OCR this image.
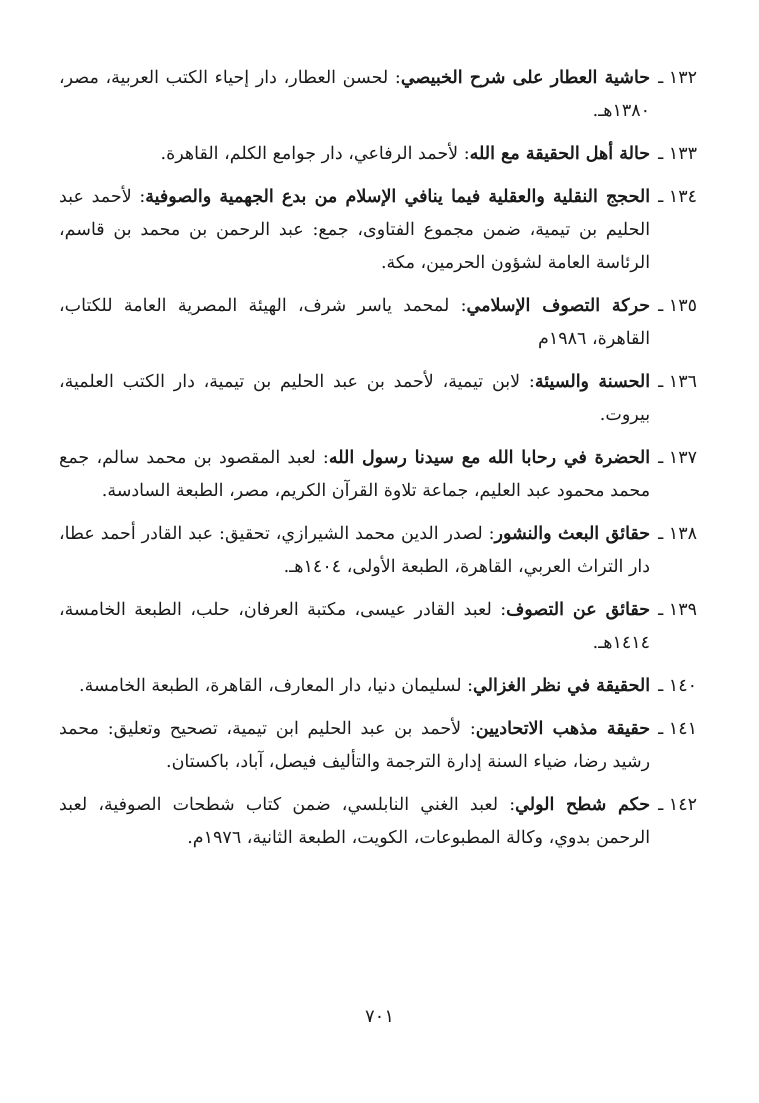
١٣٢ ـ
حاشية العطار على شرح الخبيصي: لحسن العطار، دار إحياء الكتب العربية، مصر، ١٣٨٠هـ.
١٣٣ ـ
حالة أهل الحقيقة مع الله: لأحمد الرفاعي، دار جوامع الكلم، القاهرة.
١٣٤ ـ
الحجج النقلية والعقلية فيما ينافي الإسلام من بدع الجهمية والصوفية: لأحمد عبد الحليم بن تيمية، ضمن مجموع الفتاوى، جمع: عبد الرحمن بن محمد بن قاسم، الرئاسة العامة لشؤون الحرمين، مكة.
١٣٥ ـ
حركة التصوف الإسلامي: لمحمد ياسر شرف، الهيئة المصرية العامة للكتاب، القاهرة، ١٩٨٦م
١٣٦ ـ
الحسنة والسيئة: لابن تيمية، لأحمد بن عبد الحليم بن تيمية، دار الكتب العلمية، بيروت.
١٣٧ ـ
الحضرة في رحابا الله مع سيدنا رسول الله: لعبد المقصود بن محمد سالم، جمع محمد محمود عبد العليم، جماعة تلاوة القرآن الكريم، مصر، الطبعة السادسة.
١٣٨ ـ
حقائق البعث والنشور: لصدر الدين محمد الشيرازي، تحقيق: عبد القادر أحمد عطا، دار التراث العربي، القاهرة، الطبعة الأولى، ١٤٠٤هـ.
١٣٩ ـ
حقائق عن التصوف: لعبد القادر عيسى، مكتبة العرفان، حلب، الطبعة الخامسة، ١٤١٤هـ.
١٤٠ ـ
الحقيقة في نظر الغزالي: لسليمان دنيا، دار المعارف، القاهرة، الطبعة الخامسة.
١٤١ ـ
حقيقة مذهب الاتحاديين: لأحمد بن عبد الحليم ابن تيمية، تصحيح وتعليق: محمد رشيد رضا، ضياء السنة إدارة الترجمة والتأليف فيصل، آباد، باكستان.
١٤٢ ـ
حكم شطح الولي: لعبد الغني النابلسي، ضمن كتاب شطحات الصوفية، لعبد الرحمن بدوي، وكالة المطبوعات، الكويت، الطبعة الثانية، ١٩٧٦م.
٧٠١
